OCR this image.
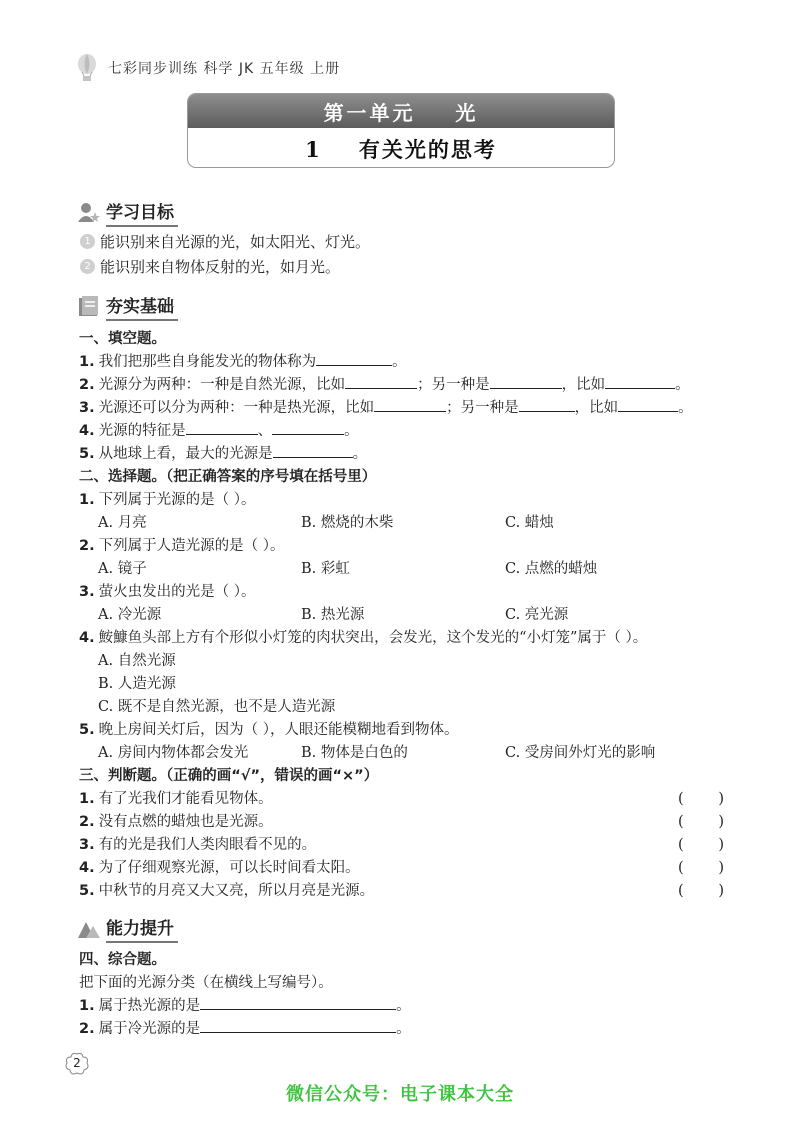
七彩同步训练 科学 JK 五年级 上册
第一单元    光
1    有关光的思考
学习目标
1 能识别来自光源的光，如太阳光、灯光。
2 能识别来自物体反射的光，如月光。
夯实基础
一、填空题。
1. 我们把那些自身能发光的物体称为	。
2. 光源分为两种：一种是自然光源，比如	；另一种是	，比如	。
3. 光源还可以分为两种：一种是热光源，比如	；另一种是	，比如	。
4. 光源的特征是	、	。
5. 从地球上看，最大的光源是	。
二、选择题。（把正确答案的序号填在括号里）
1. 下列属于光源的是（ ）。
A. 月亮	B. 燃烧的木柴	C. 蜡烛
2. 下列属于人造光源的是（ ）。
A. 镜子	B. 彩虹	C. 点燃的蜡烛
3. 萤火虫发出的光是（ ）。
A. 冷光源	B. 热光源	C. 亮光源
4. 鮟鱇鱼头部上方有个形似小灯笼的肉状突出，会发光，这个发光的“小灯笼”属于（ ）。
A. 自然光源
B. 人造光源
C. 既不是自然光源，也不是人造光源
5. 晚上房间关灯后，因为（ ），人眼还能模糊地看到物体。
A. 房间内物体都会发光	B. 物体是白色的	C. 受房间外灯光的影响
三、判断题。（正确的画“√”，错误的画“×”）
1. 有了光我们才能看见物体。	( )
2. 没有点燃的蜡烛也是光源。	( )
3. 有的光是我们人类肉眼看不见的。	( )
4. 为了仔细观察光源，可以长时间看太阳。	( )
5. 中秋节的月亮又大又亮，所以月亮是光源。	( )
能力提升
四、综合题。
把下面的光源分类（在横线上写编号）。
1. 属于热光源的是	。
2. 属于冷光源的是	。
2
微信公众号：电子课本大全
